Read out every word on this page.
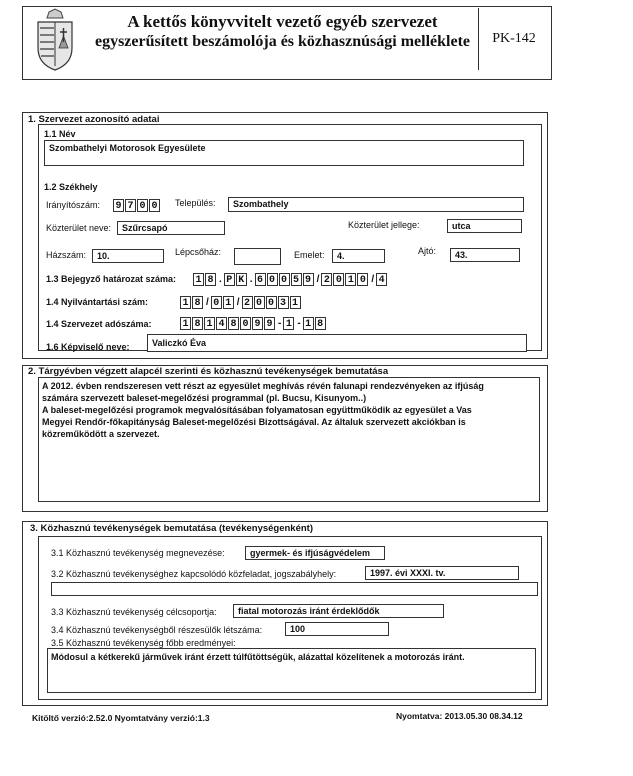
A kettős könyvvitelt vezető egyéb szervezet
egyszerűsített beszámolója és közhasznúsági melléklete	PK-142
1. Szervezet azonosító adatai
1.1 Név
Szombathelyi Motorosok Egyesülete
1.2 Székhely
Irányítószám: 9 7 0 0 Település:	Szombathely
Közterület neve:	Szűrcsapó	Közterület jellege:	utca
Házszám:	10.	Lépcsőház:	Emelet:	4.	Ajtó:	43.
1.3 Bejegyző határozat száma: 1 8 . P K . 6 0 0 5 9 / 2 0 1 0 / 4
1.4 Nyilvántartási szám:	1 8 / 0 1 / 2 0 0 3 1
1.4 Szervezet adószáma:	1 8 1 4 8 0 9 9 - 1 - 1 8
1.6 Képviselő neve:	Valiczkó Éva
2. Tárgyévben végzett alapcél szerinti és közhasznú tevékenységek bemutatása
A 2012. évben rendszeresen vett részt az egyesület meghívás révén falunapi rendezvényeken az ifjúság
számára szervezett baleset-megelőzési programmal (pl. Bucsu, Kisunyom..)
A baleset-megelőzési programok megvalósításában folyamatosan együttműködik az egyesület a Vas
Megyei Rendőr-főkapitányság Baleset-megelőzési Bizottságával. Az általuk szervezett akciókban is
közreműködött a szervezet.
3. Közhasznú tevékenységek bemutatása (tevékenységenként)
3.1 Közhasznú tevékenység megnevezése:	gyermek- és ifjúságvédelem
3.2 Közhasznú tevékenységhez kapcsolódó közfeladat, jogszabályhely:	1997. évi XXXI. tv.
3.3 Közhasznú tevékenység célcsoportja:	fiatal motorozás iránt érdeklődők
3.4 Közhasznú tevékenységből részesülők létszáma:	100
3.5 Közhasznú tevékenység főbb eredményei:
Módosul a kétkerekű járművek iránt érzett túlfűtöttségük, alázattal közelítenek a motorozás iránt.
Kitöltő verzió:2.52.0 Nyomtatvány verzió:1.3	Nyomtatva: 2013.05.30 08.34.12
